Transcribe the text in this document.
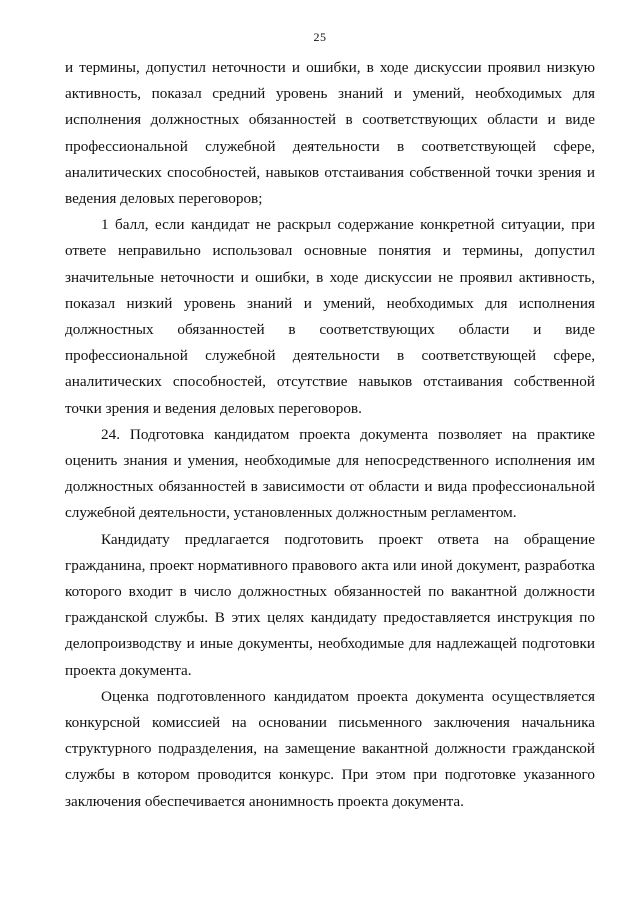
25

и термины, допустил неточности и ошибки, в ходе дискуссии проявил низкую активность, показал средний уровень знаний и умений, необходимых для исполнения должностных обязанностей в соответствующих области и виде профессиональной служебной деятельности в соответствующей сфере, аналитических способностей, навыков отстаивания собственной точки зрения и ведения деловых переговоров;

1 балл, если кандидат не раскрыл содержание конкретной ситуации, при ответе неправильно использовал основные понятия и термины, допустил значительные неточности и ошибки, в ходе дискуссии не проявил активность, показал низкий уровень знаний и умений, необходимых для исполнения должностных обязанностей в соответствующих области и виде профессиональной служебной деятельности в соответствующей сфере, аналитических способностей, отсутствие навыков отстаивания собственной точки зрения и ведения деловых переговоров.

24. Подготовка кандидатом проекта документа позволяет на практике оценить знания и умения, необходимые для непосредственного исполнения им должностных обязанностей в зависимости от области и вида профессиональной служебной деятельности, установленных должностным регламентом.

Кандидату предлагается подготовить проект ответа на обращение гражданина, проект нормативного правового акта или иной документ, разработка которого входит в число должностных обязанностей по вакантной должности гражданской службы. В этих целях кандидату предоставляется инструкция по делопроизводству и иные документы, необходимые для надлежащей подготовки проекта документа.

Оценка подготовленного кандидатом проекта документа осуществляется конкурсной комиссией на основании письменного заключения начальника структурного подразделения, на замещение вакантной должности гражданской службы в котором проводится конкурс. При этом при подготовке указанного заключения обеспечивается анонимность проекта документа.
